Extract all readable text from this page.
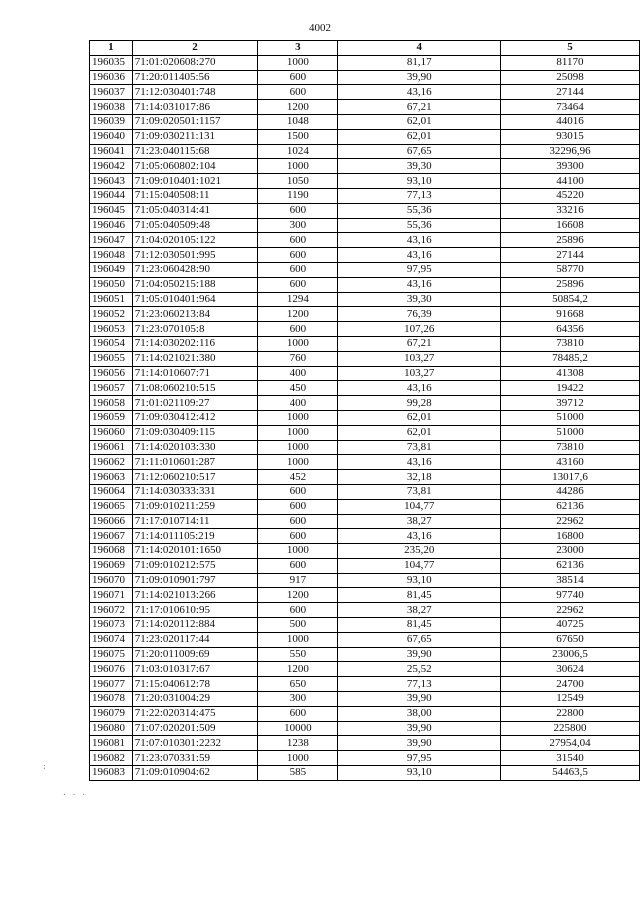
4002
:
. . .
1	2	3	4	5
196035	71:01:020608:270	1000	81,17	81170
196036	71:20:011405:56	600	39,90	25098
196037	71:12:030401:748	600	43,16	27144
196038	71:14:031017:86	1200	67,21	73464
196039	71:09:020501:1157	1048	62,01	44016
196040	71:09:030211:131	1500	62,01	93015
196041	71:23:040115:68	1024	67,65	32296,96
196042	71:05:060802:104	1000	39,30	39300
196043	71:09:010401:1021	1050	93,10	44100
196044	71:15:040508:11	1190	77,13	45220
196045	71:05:040314:41	600	55,36	33216
196046	71:05:040509:48	300	55,36	16608
196047	71:04:020105:122	600	43,16	25896
196048	71:12:030501:995	600	43,16	27144
196049	71:23:060428:90	600	97,95	58770
196050	71:04:050215:188	600	43,16	25896
196051	71:05:010401:964	1294	39,30	50854,2
196052	71:23:060213:84	1200	76,39	91668
196053	71:23:070105:8	600	107,26	64356
196054	71:14:030202:116	1000	67,21	73810
196055	71:14:021021:380	760	103,27	78485,2
196056	71:14:010607:71	400	103,27	41308
196057	71:08:060210:515	450	43,16	19422
196058	71:01:021109:27	400	99,28	39712
196059	71:09:030412:412	1000	62,01	51000
196060	71:09:030409:115	1000	62,01	51000
196061	71:14:020103:330	1000	73,81	73810
196062	71:11:010601:287	1000	43,16	43160
196063	71:12:060210:517	452	32,18	13017,6
196064	71:14:030333:331	600	73,81	44286
196065	71:09:010211:259	600	104,77	62136
196066	71:17:010714:11	600	38,27	22962
196067	71:14:011105:219	600	43,16	16800
196068	71:14:020101:1650	1000	235,20	23000
196069	71:09:010212:575	600	104,77	62136
196070	71:09:010901:797	917	93,10	38514
196071	71:14:021013:266	1200	81,45	97740
196072	71:17:010610:95	600	38,27	22962
196073	71:14:020112:884	500	81,45	40725
196074	71:23:020117:44	1000	67,65	67650
196075	71:20:011009:69	550	39,90	23006,5
196076	71:03:010317:67	1200	25,52	30624
196077	71:15:040612:78	650	77,13	24700
196078	71:20:031004:29	300	39,90	12549
196079	71:22:020314:475	600	38,00	22800
196080	71:07:020201:509	10000	39,90	225800
196081	71:07:010301:2232	1238	39,90	27954,04
196082	71:23:070331:59	1000	97,95	31540
196083	71:09:010904:62	585	93,10	54463,5
